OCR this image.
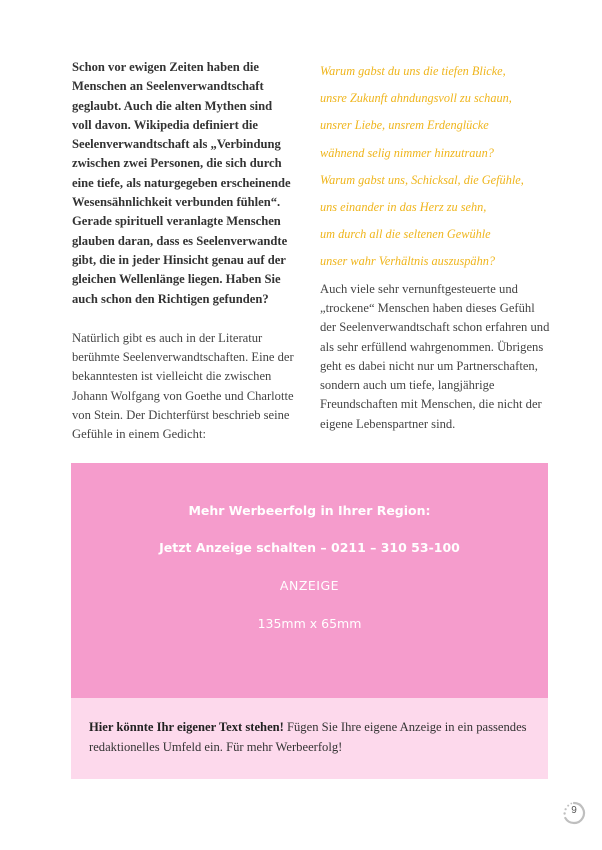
Schon vor ewigen Zeiten haben die Menschen an Seelenverwandtschaft geglaubt. Auch die alten Mythen sind voll davon. Wikipedia definiert die Seelenverwandtschaft als „Verbindung zwischen zwei Personen, die sich durch eine tiefe, als naturgegeben erscheinende Wesensähnlichkeit verbunden fühlen“. Gerade spirituell veranlagte Menschen glauben daran, dass es Seelenverwandte gibt, die in jeder Hinsicht genau auf der gleichen Wellenlänge liegen. Haben Sie auch schon den Richtigen gefunden?

Natürlich gibt es auch in der Literatur berühmte Seelenverwandtschaften. Eine der bekanntesten ist vielleicht die zwischen Johann Wolfgang von Goethe und Charlotte von Stein. Der Dichterfürst beschrieb seine Gefühle in einem Gedicht:

Warum gabst du uns die tiefen Blicke,
unsre Zukunft ahndungsvoll zu schaun,
unsrer Liebe, unsrem Erdenglücke
wähnend selig nimmer hinzutraun?
Warum gabst uns, Schicksal, die Gefühle,
uns einander in das Herz zu sehn,
um durch all die seltenen Gewühle
unser wahr Verhältnis auszuspähn?

Auch viele sehr vernunftgesteuerte und „trockene“ Menschen haben dieses Gefühl der Seelenverwandtschaft schon erfahren und als sehr erfüllend wahrgenommen. Übrigens geht es dabei nicht nur um Partnerschaften, sondern auch um tiefe, langjährige Freundschaften mit Menschen, die nicht der eigene Lebenspartner sind.

Mehr Werbeerfolg in Ihrer Region:
Jetzt Anzeige schalten – 0211 – 310 53-100
ANZEIGE
135mm x 65mm

Hier könnte Ihr eigener Text stehen! Fügen Sie Ihre eigene Anzeige in ein passendes redaktionelles Umfeld ein. Für mehr Werbeerfolg!

9
